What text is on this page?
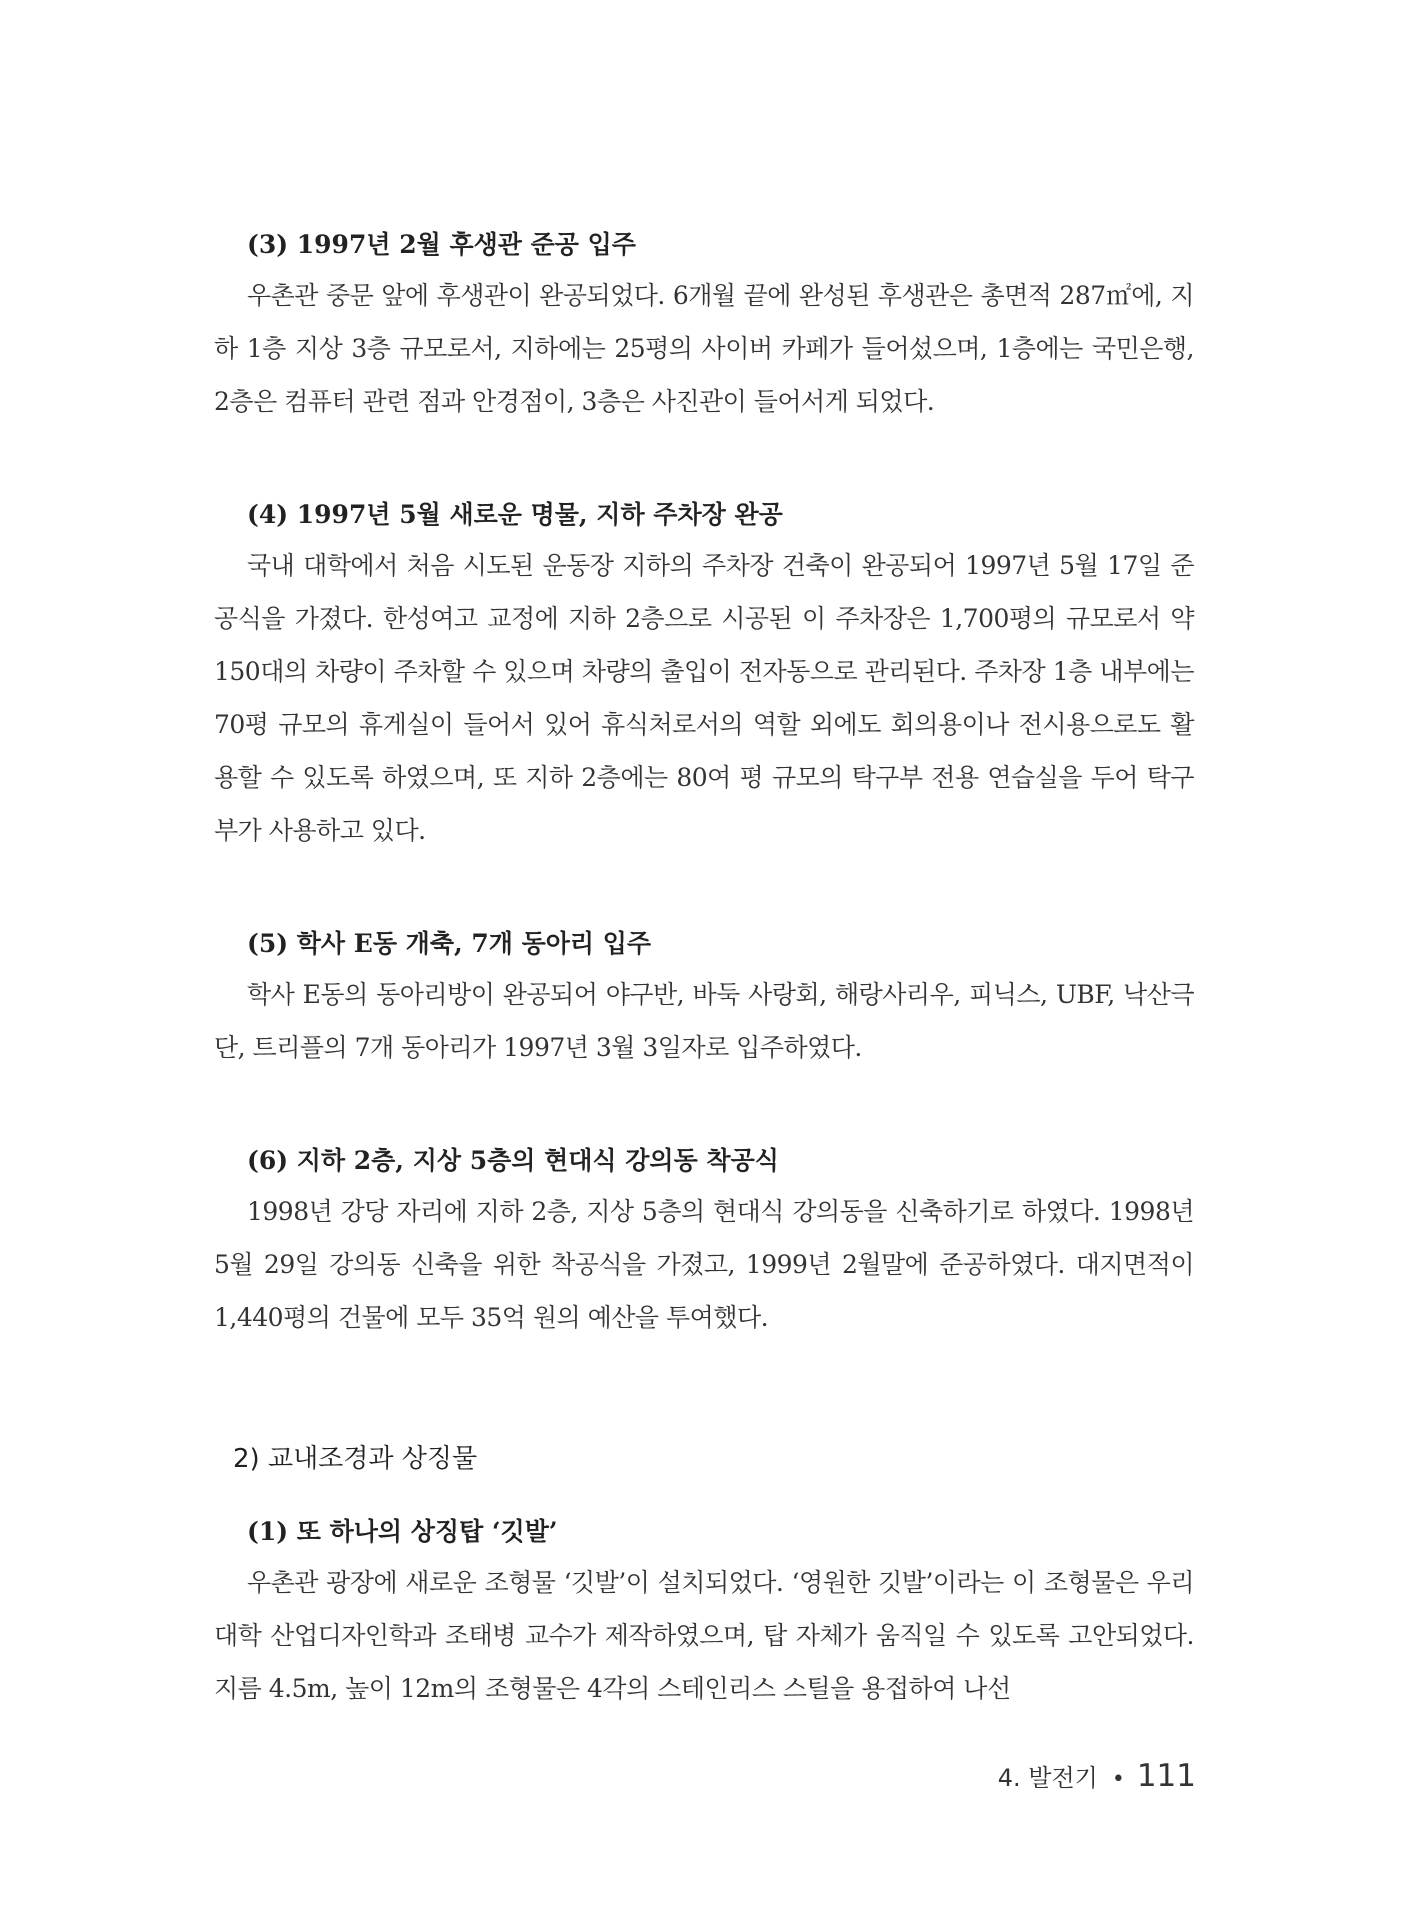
(3) 1997년 2월 후생관 준공 입주

우촌관 중문 앞에 후생관이 완공되었다. 6개월 끝에 완성된 후생관은 총면적 287㎡에, 지하 1층 지상 3층 규모로서, 지하에는 25평의 사이버 카페가 들어섰으며, 1층에는 국민은행, 2층은 컴퓨터 관련 점과 안경점이, 3층은 사진관이 들어서게 되었다.

(4) 1997년 5월 새로운 명물, 지하 주차장 완공

국내 대학에서 처음 시도된 운동장 지하의 주차장 건축이 완공되어 1997년 5월 17일 준공식을 가졌다. 한성여고 교정에 지하 2층으로 시공된 이 주차장은 1,700평의 규모로서 약 150대의 차량이 주차할 수 있으며 차량의 출입이 전자동으로 관리된다. 주차장 1층 내부에는 70평 규모의 휴게실이 들어서 있어 휴식처로서의 역할 외에도 회의용이나 전시용으로도 활용할 수 있도록 하였으며, 또 지하 2층에는 80여 평 규모의 탁구부 전용 연습실을 두어 탁구부가 사용하고 있다.

(5) 학사 E동 개축, 7개 동아리 입주

학사 E동의 동아리방이 완공되어 야구반, 바둑 사랑회, 해랑사리우, 피닉스, UBF, 낙산극단, 트리플의 7개 동아리가 1997년 3월 3일자로 입주하였다.

(6) 지하 2층, 지상 5층의 현대식 강의동 착공식

1998년 강당 자리에 지하 2층, 지상 5층의 현대식 강의동을 신축하기로 하였다. 1998년 5월 29일 강의동 신축을 위한 착공식을 가졌고, 1999년 2월말에 준공하였다. 대지면적이 1,440평의 건물에 모두 35억 원의 예산을 투여했다.

2) 교내조경과 상징물
(1) 또 하나의 상징탑 ‘깃발’

우촌관 광장에 새로운 조형물 ‘깃발’이 설치되었다. ‘영원한 깃발’이라는 이 조형물은 우리 대학 산업디자인학과 조태병 교수가 제작하였으며, 탑 자체가 움직일 수 있도록 고안되었다. 지름 4.5m, 높이 12m의 조형물은 4각의 스테인리스 스틸을 용접하여 나선

4. 발전기 • 111
